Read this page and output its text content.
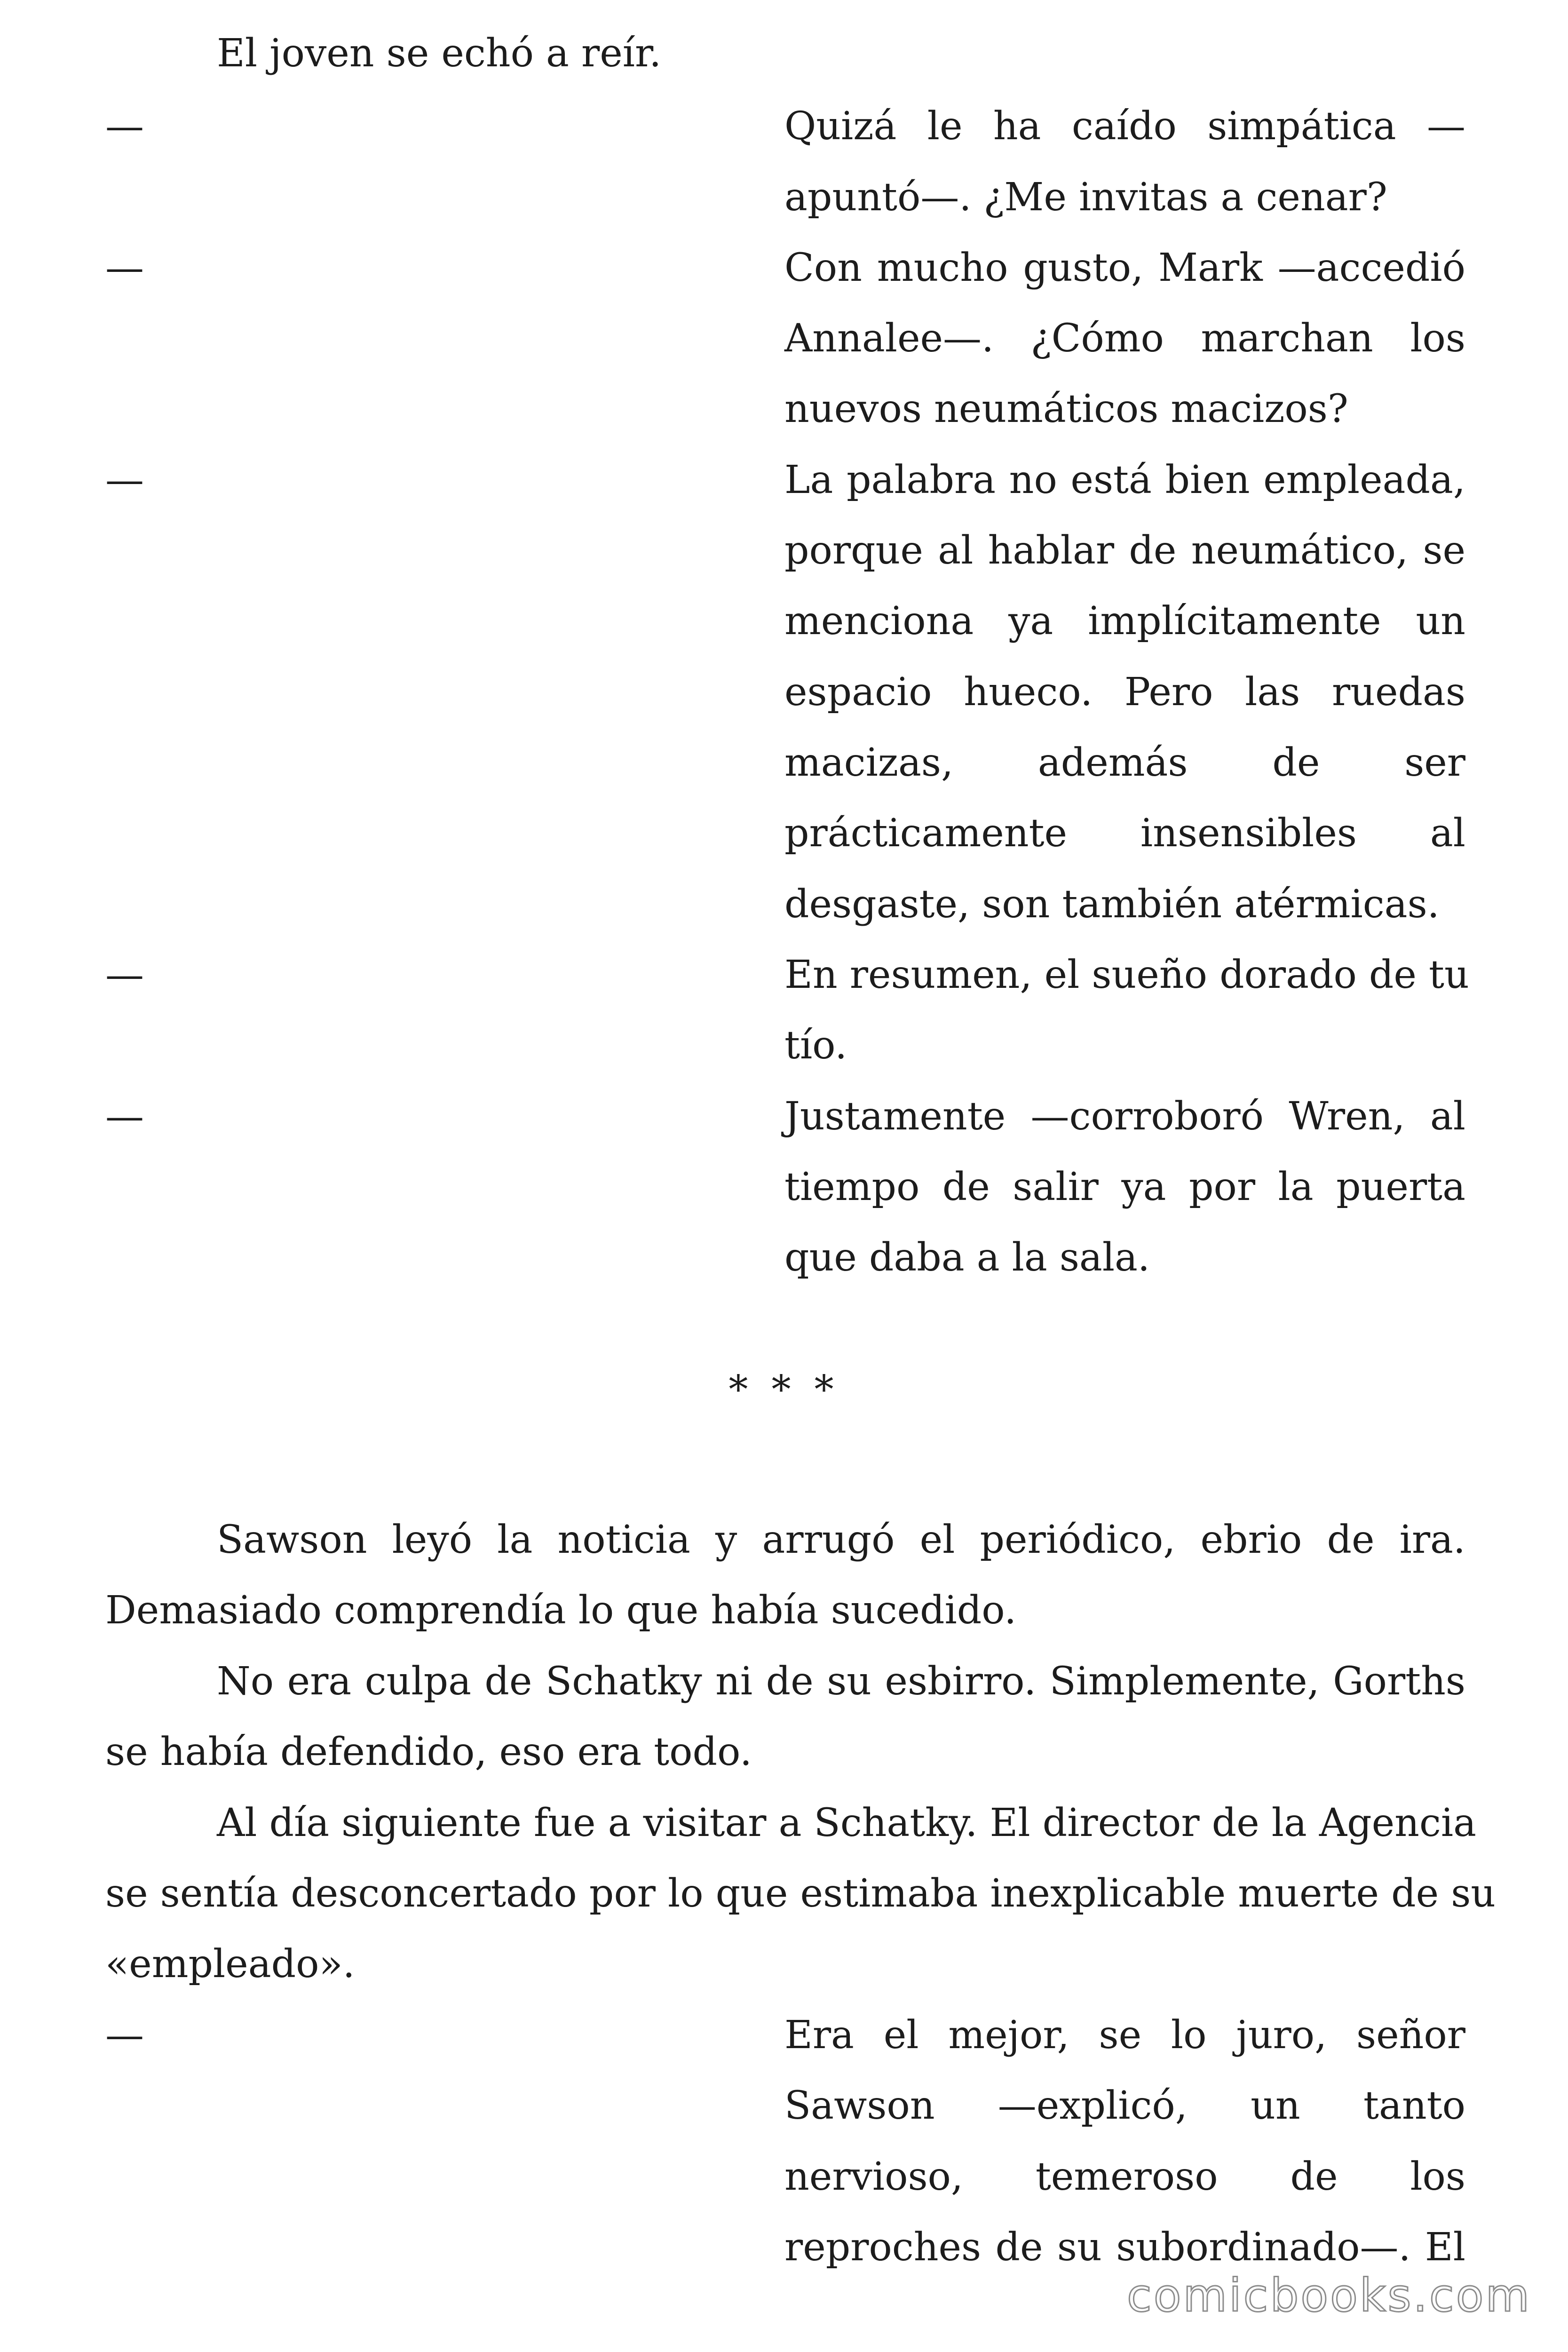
El joven se echó a reír.
—	Quizá le ha caído simpática —
apuntó—. ¿Me invitas a cenar?
—	Con mucho gusto, Mark —accedió
Annalee—. ¿Cómo marchan los
nuevos neumáticos macizos?
—	La palabra no está bien empleada,
porque al hablar de neumático, se
menciona ya implícitamente un
espacio hueco. Pero las ruedas
macizas, además de ser
prácticamente insensibles al
desgaste, son también atérmicas.
—	En resumen, el sueño dorado de tu
tío.
—	Justamente —corroboró Wren, al
tiempo de salir ya por la puerta
que daba a la sala.
* * *
Sawson leyó la noticia y arrugó el periódico, ebrio de ira.
Demasiado comprendía lo que había sucedido.
No era culpa de Schatky ni de su esbirro. Simplemente, Gorths
se había defendido, eso era todo.
Al día siguiente fue a visitar a Schatky. El director de la Agencia
se sentía desconcertado por lo que estimaba inexplicable muerte de su
«empleado».
—	Era el mejor, se lo juro, señor
Sawson —explicó, un tanto
nervioso, temeroso de los
reproches de su subordinado—. El
comicbooks.com
